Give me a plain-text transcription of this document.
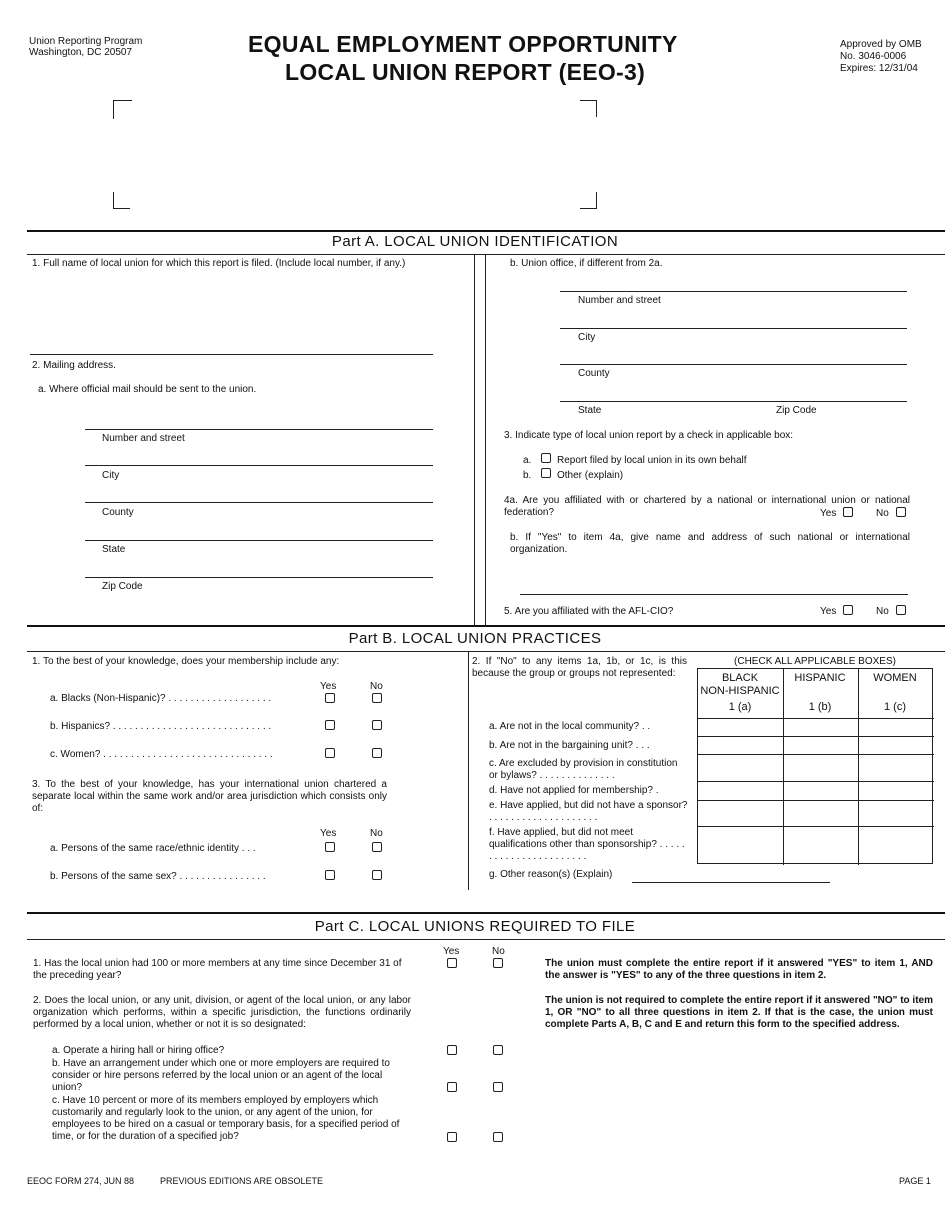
Union Reporting Program
Washington, DC 20507	EQUAL EMPLOYMENT OPPORTUNITY
LOCAL UNION REPORT (EEO-3)
Approved by OMB
No. 3046-0006
Expires: 12/31/04
Part A. LOCAL UNION IDENTIFICATION
1. Full name of local union for which this report is filed. (Include local number, if any.)
2. Mailing address.
a. Where official mail should be sent to the union.
Number and street
City
County
State
Zip Code
b. Union office, if different from 2a.
Number and street
City
County
State	Zip Code
3. Indicate type of local union report by a check in applicable box:
a.	Report filed by local union in its own behalf
b.	Other (explain)
4a. Are you affiliated with or chartered by a national or international union or national federation?	Yes	No
b. If "Yes" to item 4a, give name and address of such national or international organization.
5. Are you affiliated with the AFL-CIO?	Yes	No
Part B. LOCAL UNION PRACTICES
1. To the best of your knowledge, does your membership include any:
Yes	No
a. Blacks (Non-Hispanic)? . . . . . . . . . . . . . . . . . . .
b. Hispanics? . . . . . . . . . . . . . . . . . . . . . . . . . . . . .
c. Women? . . . . . . . . . . . . . . . . . . . . . . . . . . . . . . .
3. To the best of your knowledge, has your international union chartered a separate local within the same work and/or area jurisdiction which consists only of:
Yes	No
a. Persons of the same race/ethnic identity . . .
b. Persons of the same sex? . . . . . . . . . . . . . . . .
2. If "No" to any items 1a, 1b, or 1c, is this because the group or groups not represented:
(CHECK ALL APPLICABLE BOXES)
BLACK
NON-HISPANIC
1 (a)
HISPANIC
1 (b)
WOMEN
1 (c)
a. Are not in the local community? . .
b. Are not in the bargaining unit? . . .
c. Are excluded by provision in constitution or bylaws? . . . . . . . . . . . . . .
d. Have not applied for membership? .
e. Have applied, but did not have a sponsor? . . . . . . . . . . . . . . . . . . . .
f. Have applied, but did not meet qualifications other than sponsorship? . . . . . . . . . . . . . . . . . . . . . . .
g. Other reason(s) (Explain)
Part C. LOCAL UNIONS REQUIRED TO FILE
Yes	No
1. Has the local union had 100 or more members at any time since December 31 of the preceding year?
2. Does the local union, or any unit, division, or agent of the local union, or any labor organization which performs, within a specific jurisdiction, the functions ordinarily performed by a local union, whether or not it is so designated:
a. Operate a hiring hall or hiring office?
b. Have an arrangement under which one or more employers are required to consider or hire persons referred by the local union or an agent of the local union?
c. Have 10 percent or more of its members employed by employers which customarily and regularly look to the union, or any agent of the union, for employees to be hired on a casual or temporary basis, for a specified period of time, or for the duration of a specified job?
The union must complete the entire report if it answered "YES" to item 1, AND the answer is "YES" to any of the three questions in item 2.
The union is not required to complete the entire report if it answered "NO" to item 1, OR "NO" to all three questions in item 2. If that is the case, the union must complete Parts A, B, C and E and return this form to the specified address.
EEOC FORM 274, JUN 88	PREVIOUS EDITIONS ARE OBSOLETE	PAGE 1
